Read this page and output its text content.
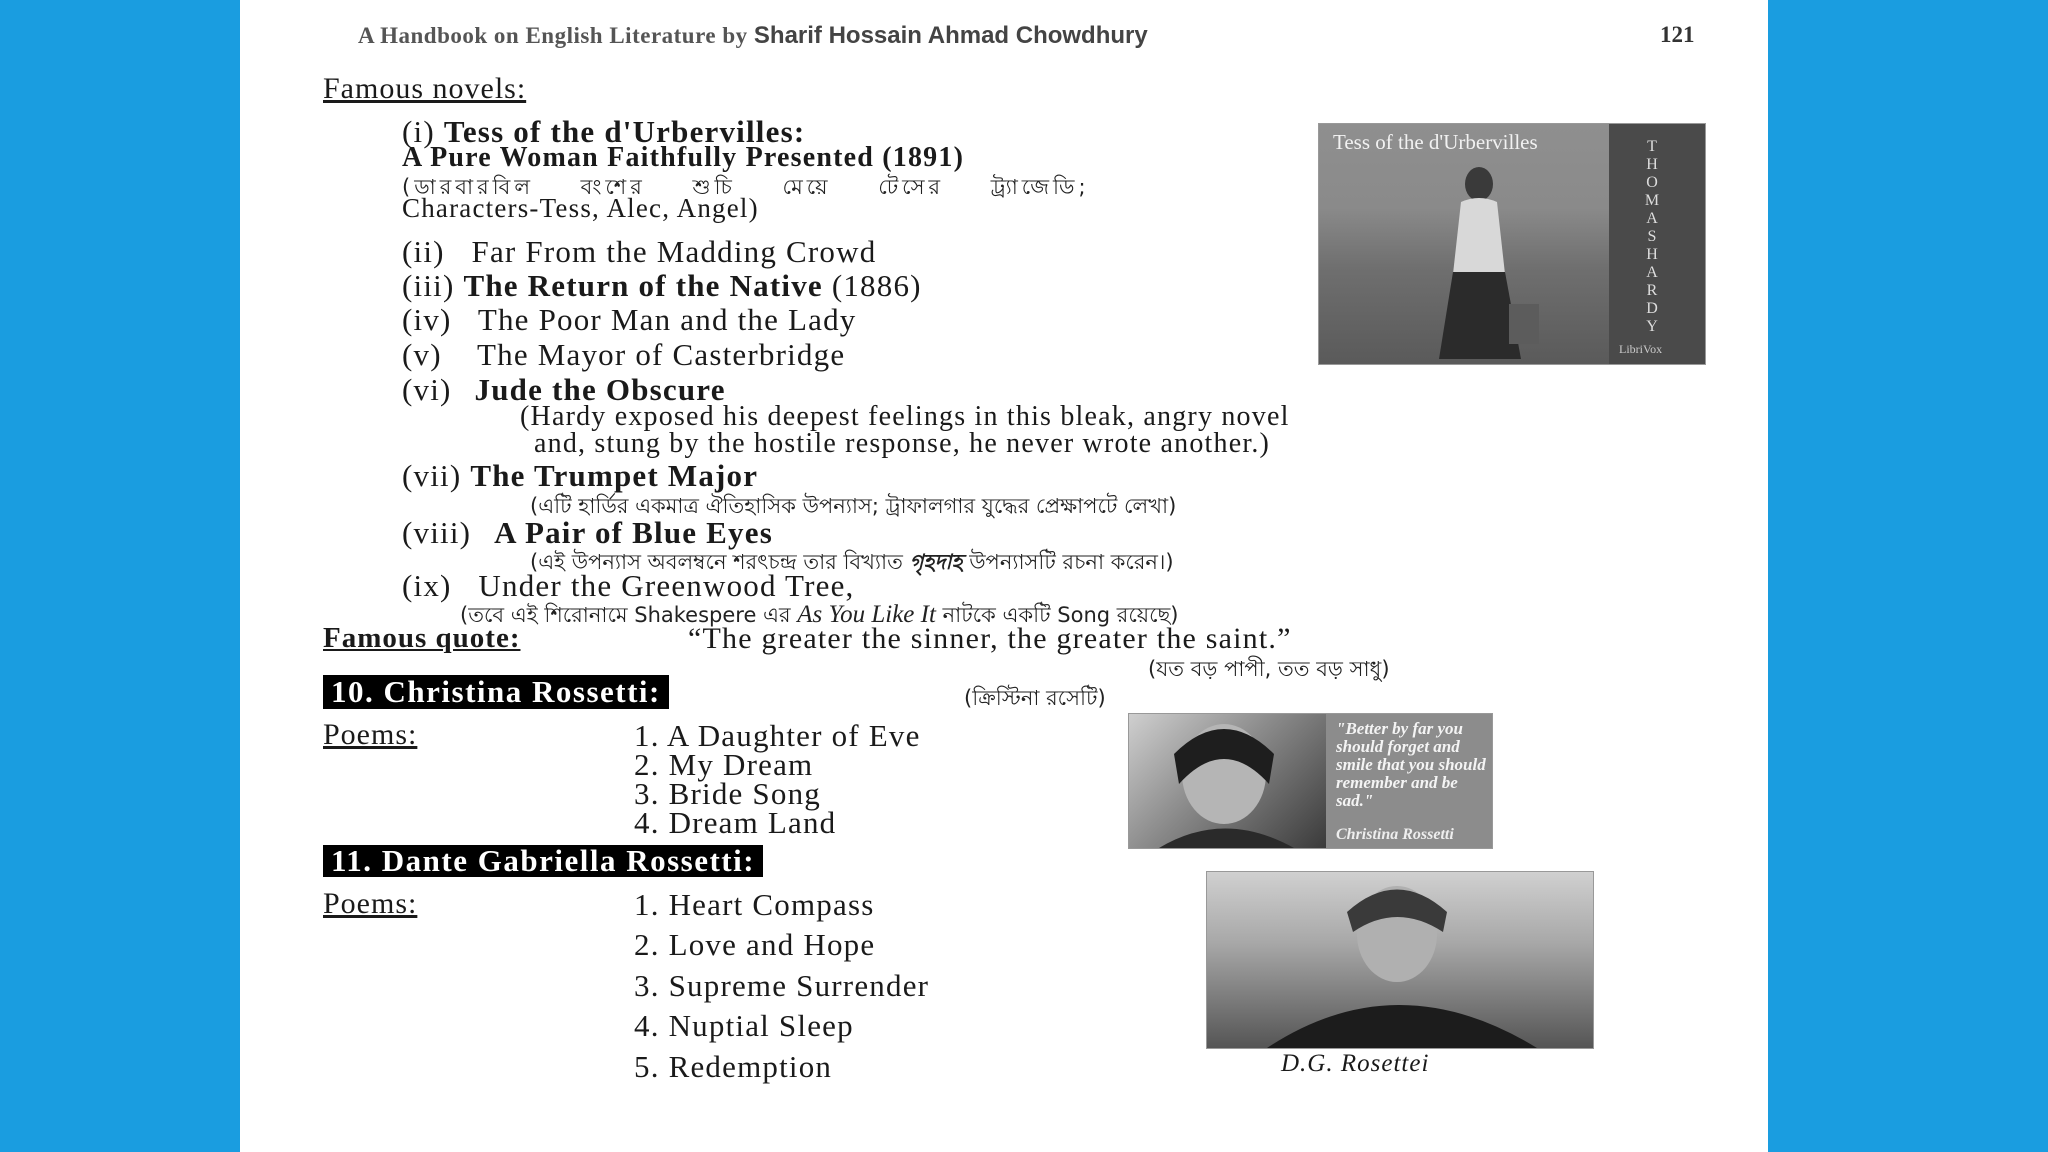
A Handbook on English Literature by Sharif Hossain Ahmad Chowdhury	121
Famous novels:
(i) Tess of the d'Urbervilles:
A Pure Woman Faithfully Presented (1891)
(ডারবারবিল বংশের শুচি মেয়ে টেসের ট্র্যাজেডি;
Characters-Tess, Alec, Angel)
(ii)   Far From the Madding Crowd
(iii) The Return of the Native (1886)
(iv)   The Poor Man and the Lady
(v)    The Mayor of Casterbridge
(vi) Jude the Obscure
(Hardy exposed his deepest feelings in this bleak, angry novel
and, stung by the hostile response, he never wrote another.)
(vii) The Trumpet Major
(এটি হার্ডির একমাত্র ঐতিহাসিক উপন্যাস; ট্রাফালগার যুদ্ধের প্রেক্ষাপটে লেখা)
(viii) A Pair of Blue Eyes
(এই উপন্যাস অবলম্বনে শরৎচন্দ্র তার বিখ্যাত গৃহদাহ উপন্যাসটি রচনা করেন।)
(ix)   Under the Greenwood Tree,
(তবে এই শিরোনামে Shakespere এর As You Like It নাটকে একটি Song রয়েছে)
Famous quote:	“The greater the sinner, the greater the saint.”
(যত বড় পাপী, তত বড় সাধু)
Tess of the d'Urbervilles	THOMAS HARDY
LibriVox
10. Christina Rossetti:	(ক্রিস্টিনা রসেটি)
Poems:	1. A Daughter of Eve
2. My Dream
3. Bride Song
4. Dream Land
"Better by far you should forget and smile that you should remember and be sad."
Christina Rossetti
11. Dante Gabriella Rossetti:
Poems:	1. Heart Compass
2. Love and Hope
3. Supreme Surrender
4. Nuptial Sleep
5. Redemption	D.G. Rosettei
